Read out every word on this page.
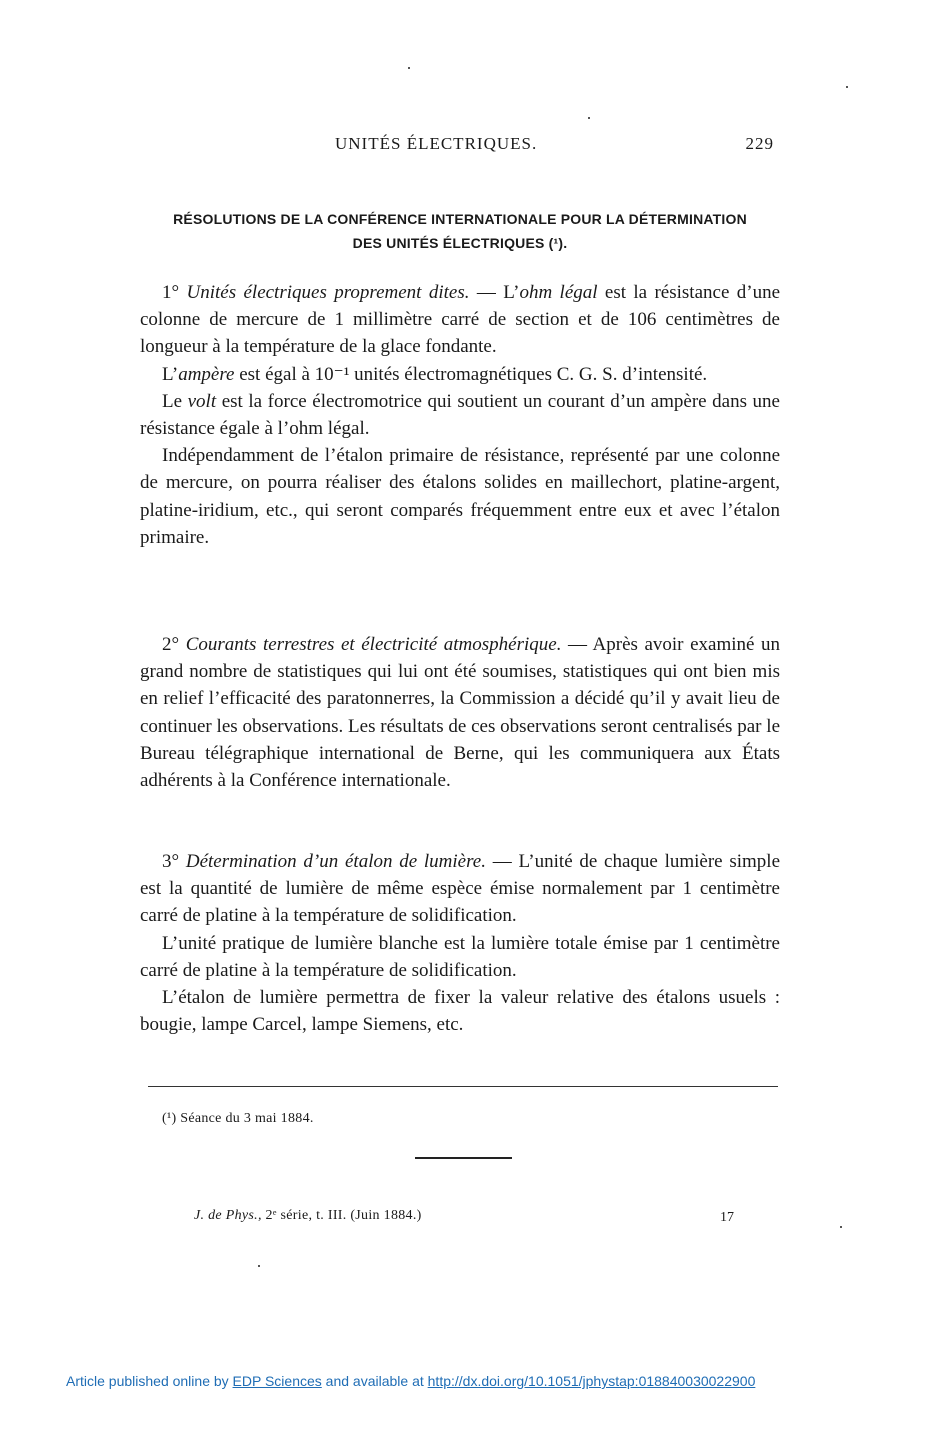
UNITÉS ÉLECTRIQUES.	229
RÉSOLUTIONS DE LA CONFÉRENCE INTERNATIONALE POUR LA DÉTERMINATION
DES UNITÉS ÉLECTRIQUES (¹).

1° Unités électriques proprement dites. — L’ohm légal est la résistance d’une colonne de mercure de 1 millimètre carré de section et de 106 centimètres de longueur à la température de la glace fondante.

L’ampère est égal à 10⁻¹ unités électromagnétiques C. G. S. d’intensité.

Le volt est la force électromotrice qui soutient un courant d’un ampère dans une résistance égale à l’ohm légal.

Indépendamment de l’étalon primaire de résistance, représenté par une colonne de mercure, on pourra réaliser des étalons solides en maillechort, platine-argent, platine-iridium, etc., qui seront comparés fréquemment entre eux et avec l’étalon primaire.

2° Courants terrestres et électricité atmosphérique. — Après avoir examiné un grand nombre de statistiques qui lui ont été soumises, statistiques qui ont bien mis en relief l’efficacité des paratonnerres, la Commission a décidé qu’il y avait lieu de continuer les observations. Les résultats de ces observations seront centralisés par le Bureau télégraphique international de Berne, qui les communiquera aux États adhérents à la Conférence internationale.

3° Détermination d’un étalon de lumière. — L’unité de chaque lumière simple est la quantité de lumière de même espèce émise normalement par 1 centimètre carré de platine à la température de solidification.

L’unité pratique de lumière blanche est la lumière totale émise par 1 centimètre carré de platine à la température de solidification.

L’étalon de lumière permettra de fixer la valeur relative des étalons usuels : bougie, lampe Carcel, lampe Siemens, etc.

(¹) Séance du 3 mai 1884.
J. de Phys., 2ᵉ série, t. III. (Juin 1884.)	17
Article published online by EDP Sciences and available at http://dx.doi.org/10.1051/jphystap:018840030022900
